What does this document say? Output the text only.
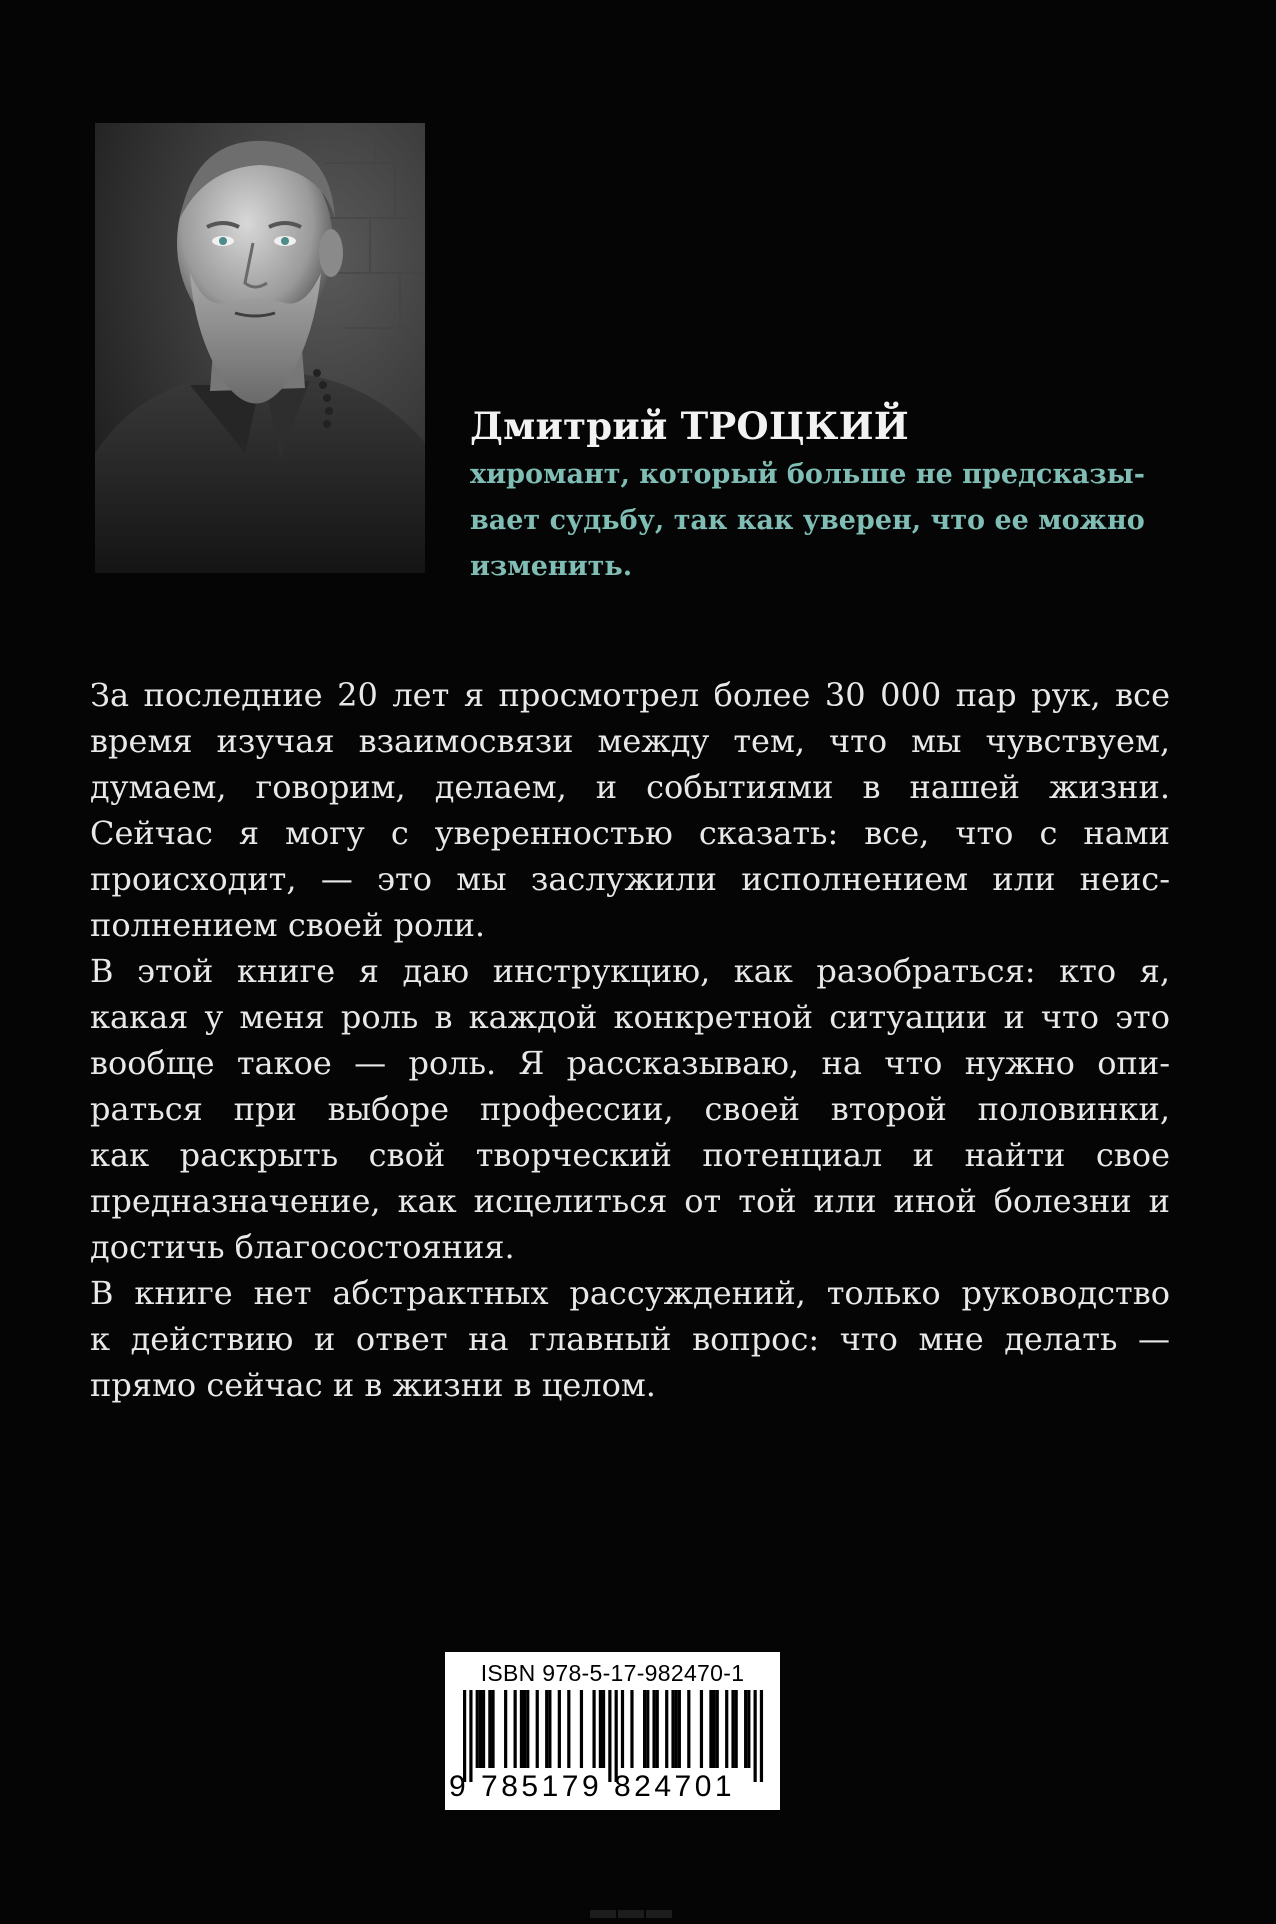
Дмитрий ТРОЦКИЙ
хиромант, который больше не предсказы-
вает судьбу, так как уверен, что ее можно
изменить.

За последние 20 лет я просмотрел более 30 000 пар рук, все
время изучая взаимосвязи между тем, что мы чувствуем,
думаем, говорим, делаем, и событиями в нашей жизни.
Сейчас я могу с уверенностью сказать: все, что с нами
происходит, — это мы заслужили исполнением или неис-
полнением своей роли.

В этой книге я даю инструкцию, как разобраться: кто я,
какая у меня роль в каждой конкретной ситуации и что это
вообще такое — роль. Я рассказываю, на что нужно опи-
раться при выборе профессии, своей второй половинки,
как раскрыть свой творческий потенциал и найти свое
предназначение, как исцелиться от той или иной болезни и
достичь благосостояния.

В книге нет абстрактных рассуждений, только руководство
к действию и ответ на главный вопрос: что мне делать —
прямо сейчас и в жизни в целом.

ISBN 978-5-17-982470-1
9 785179 824701
▬▬▬
